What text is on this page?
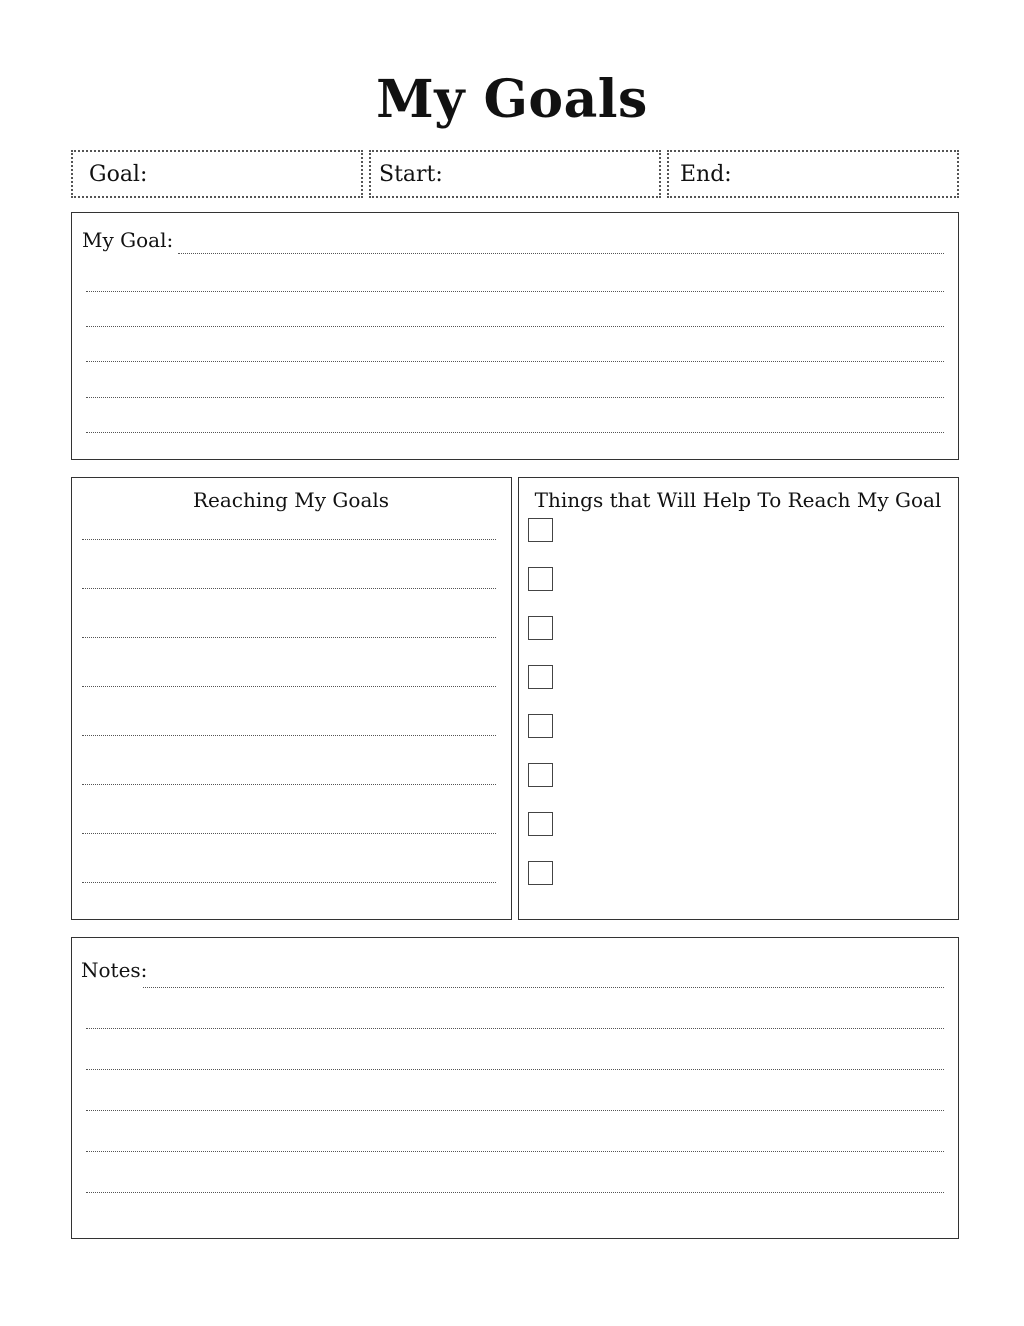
My Goals
Goal:	Start:	End:
My Goal:
Reaching My Goals	Things that Will Help To Reach My Goal
Notes:
